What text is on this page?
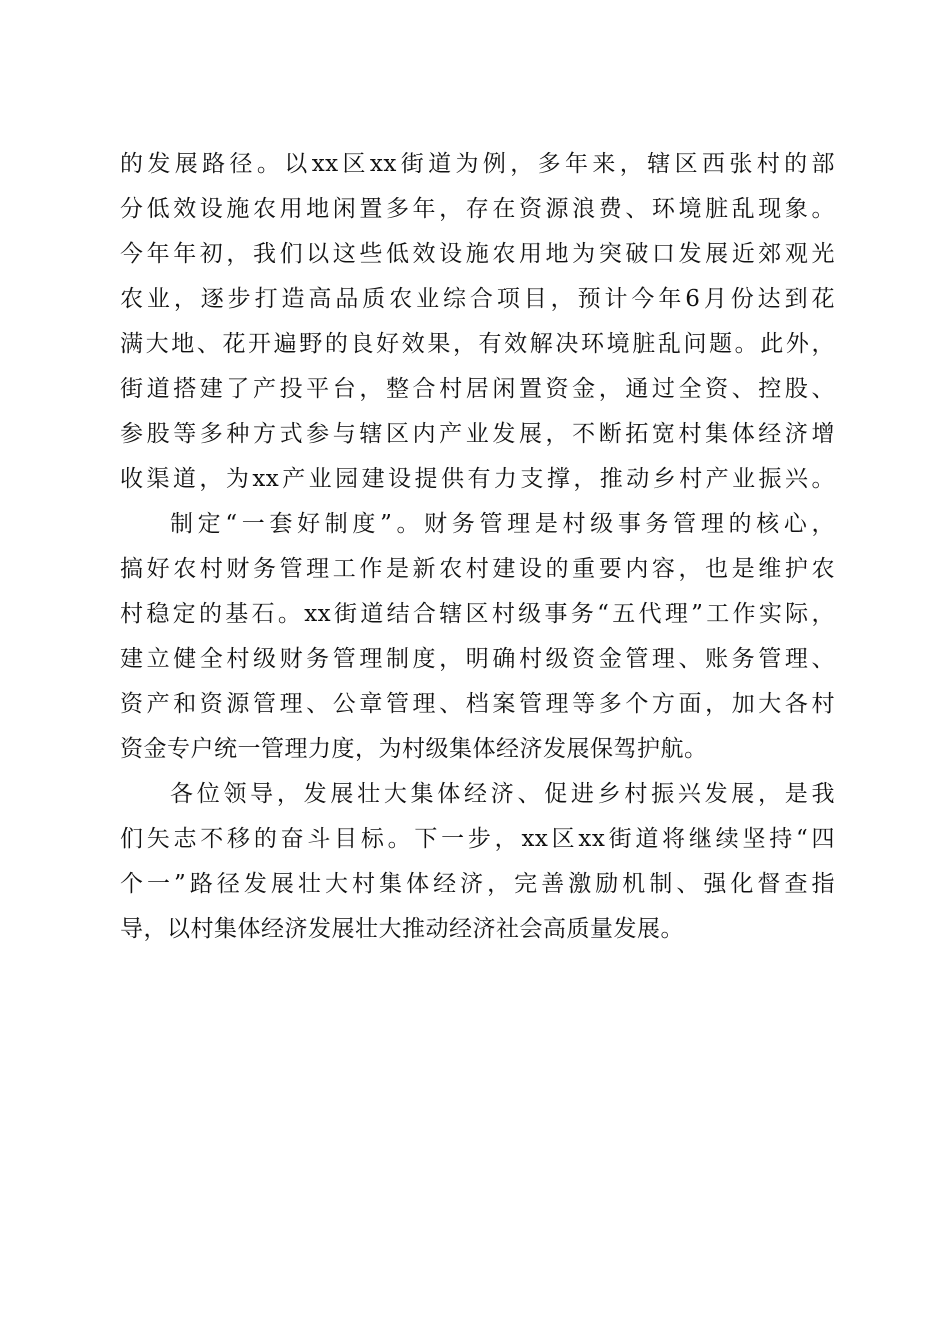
的发展路径。以xx区xx街道为例，多年来，辖区西张村的部
分低效设施农用地闲置多年，存在资源浪费、环境脏乱现象。
今年年初，我们以这些低效设施农用地为突破口发展近郊观光
农业，逐步打造高品质农业综合项目，预计今年6月份达到花
满大地、花开遍野的良好效果，有效解决环境脏乱问题。此外，
街道搭建了产投平台，整合村居闲置资金，通过全资、控股、
参股等多种方式参与辖区内产业发展，不断拓宽村集体经济增
收渠道，为xx产业园建设提供有力支撑，推动乡村产业振兴。
制定“一套好制度”。财务管理是村级事务管理的核心，
搞好农村财务管理工作是新农村建设的重要内容，也是维护农
村稳定的基石。xx街道结合辖区村级事务“五代理”工作实际，
建立健全村级财务管理制度，明确村级资金管理、账务管理、
资产和资源管理、公章管理、档案管理等多个方面，加大各村
资金专户统一管理力度，为村级集体经济发展保驾护航。
各位领导，发展壮大集体经济、促进乡村振兴发展，是我
们矢志不移的奋斗目标。下一步，xx区xx街道将继续坚持“四
个一”路径发展壮大村集体经济，完善激励机制、强化督查指
导，以村集体经济发展壮大推动经济社会高质量发展。
